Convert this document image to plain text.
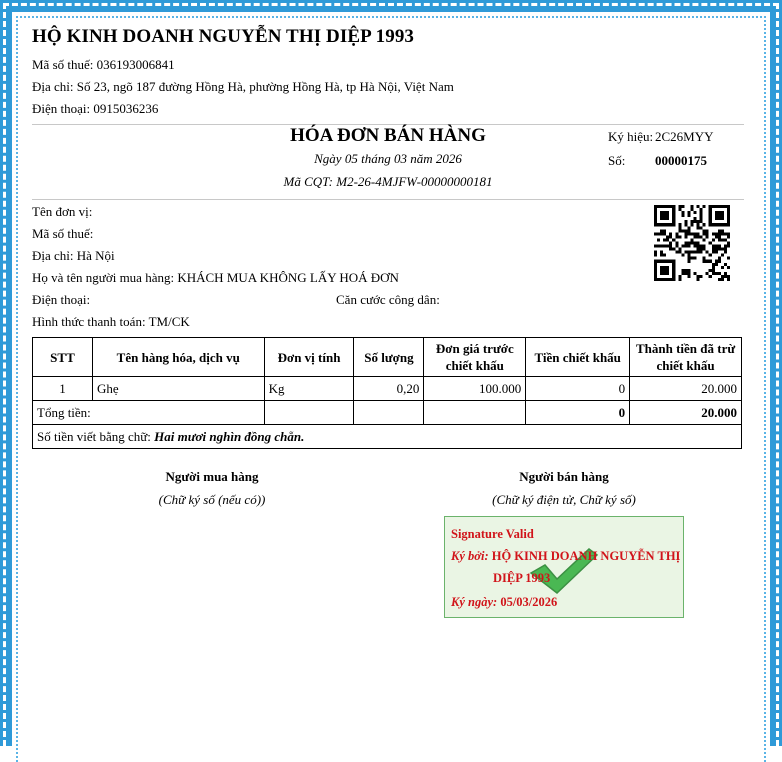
HỘ KINH DOANH NGUYỄN THỊ DIỆP 1993

Mã số thuế: 036193006841

Địa chỉ: Số 23, ngõ 187 đường Hồng Hà, phường Hồng Hà, tp Hà Nội, Việt Nam

Điện thoại: 0915036236

HÓA ĐƠN BÁN HÀNG
Ngày 05 tháng 03 năm 2026
Mã CQT: M2-26-4MJFW-00000000181
Ký hiệu: 2C26MYY
Số: 00000175

Tên đơn vị:

Mã số thuế:

Địa chỉ: Hà Nội

Họ và tên người mua hàng: KHÁCH MUA KHÔNG LẤY HOÁ ĐƠN

Điện thoại:	Căn cước công dân:

Hình thức thanh toán: TM/CK

STT	Tên hàng hóa, dịch vụ	Đơn vị tính	Số lượng	Đơn giá trước chiết khấu	Tiền chiết khấu	Thành tiền đã trừ chiết khấu
1	Ghẹ	Kg	0,20	100.000	0	20.000
Tổng tiền:					0	20.000
Số tiền viết bằng chữ: Hai mươi nghìn đồng chẵn.
Người mua hàng
(Chữ ký số (nếu có))
Người bán hàng
(Chữ ký điện tử, Chữ ký số)
Signature Valid
Ký bởi: HỘ KINH DOANH NGUYỄN THỊ
DIỆP 1993
Ký ngày: 05/03/2026
